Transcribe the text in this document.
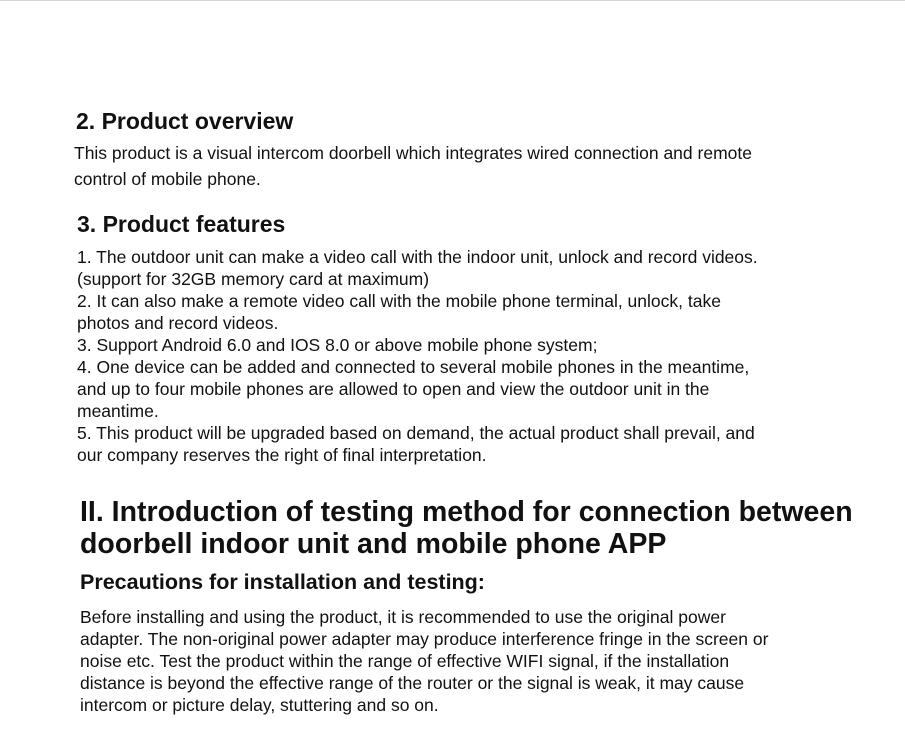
2. Product overview
This product is a visual intercom doorbell which integrates wired connection and remote
control of mobile phone.
3. Product features
1. The outdoor unit can make a video call with the indoor unit, unlock and record videos.
(support for 32GB memory card at maximum)
2. It can also make a remote video call with the mobile phone terminal, unlock, take
photos and record videos.
3. Support Android 6.0 and IOS 8.0 or above mobile phone system;
4. One device can be added and connected to several mobile phones in the meantime,
and up to four mobile phones are allowed to open and view the outdoor unit in the
meantime.
5. This product will be upgraded based on demand, the actual product shall prevail, and
our company reserves the right of final interpretation.
II. Introduction of testing method for connection between
doorbell indoor unit and mobile phone APP
Precautions for installation and testing:
Before installing and using the product, it is recommended to use the original power
adapter. The non-original power adapter may produce interference fringe in the screen or
noise etc. Test the product within the range of effective WIFI signal, if the installation
distance is beyond the effective range of the router or the signal is weak, it may cause
intercom or picture delay, stuttering and so on.
